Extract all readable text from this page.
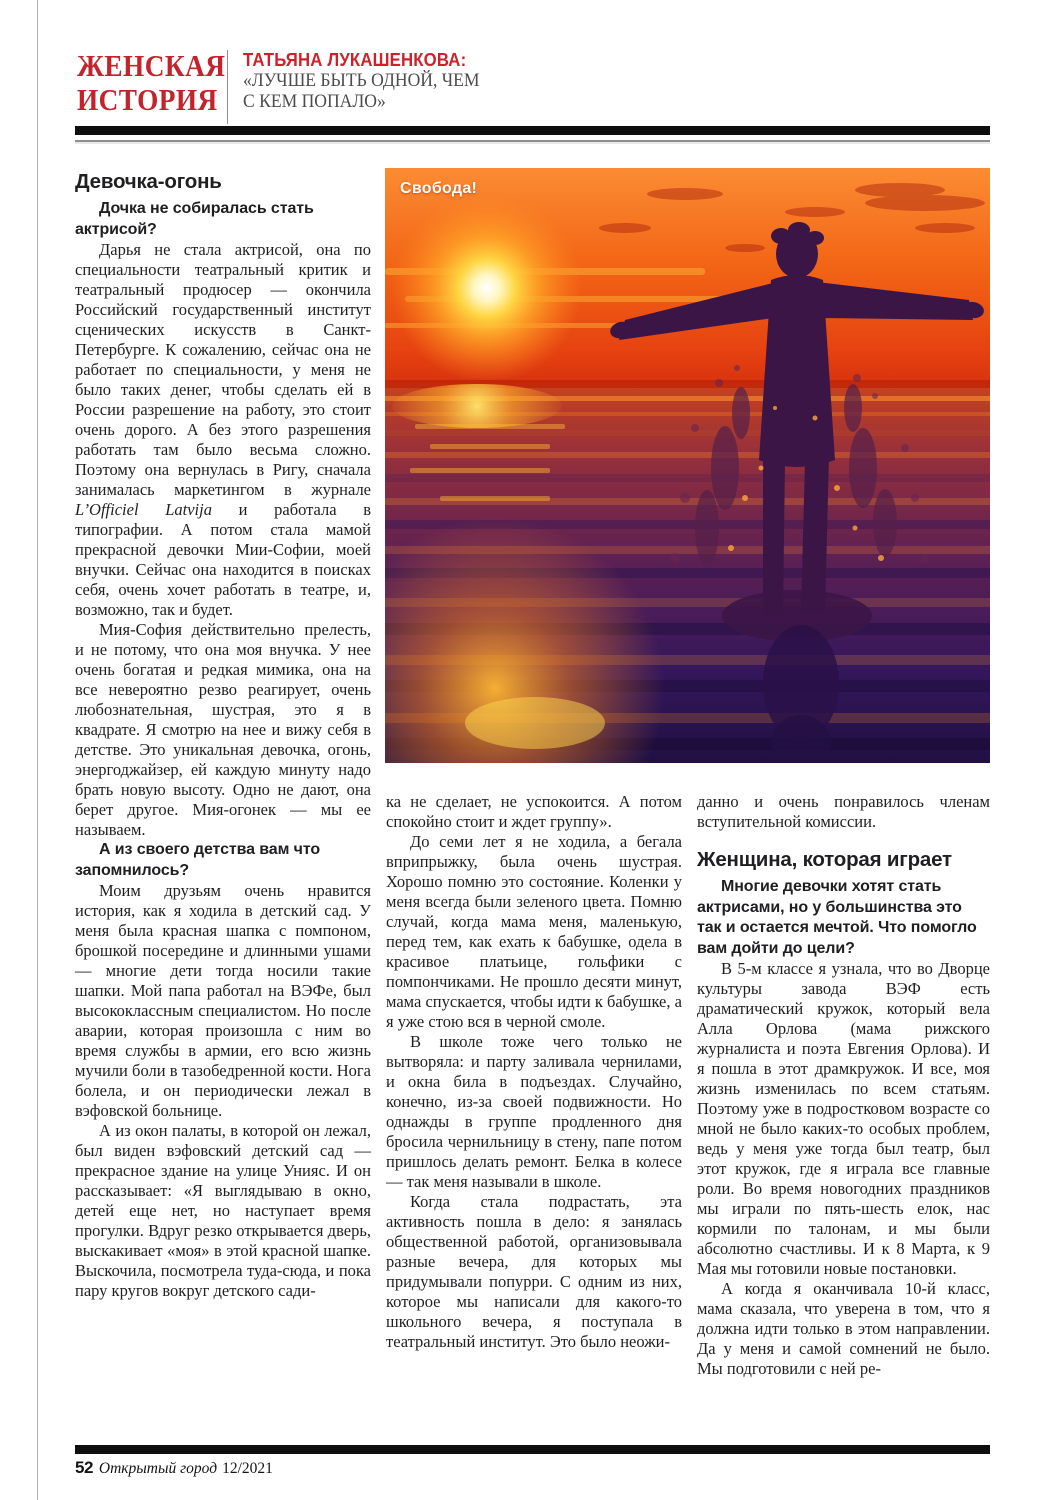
ЖЕНСКАЯ
ИСТОРИЯ
ТАТЬЯНА ЛУКАШЕНКОВА:
«ЛУЧШЕ БЫТЬ ОДНОЙ, ЧЕМ
С КЕМ ПОПАЛО»
Свобода!
Девочка-огонь

Дочка не собиралась стать актрисой?

Дарья не стала актрисой, она по специальности театральный критик и театральный продюсер — окончила Российский государственный институт сценических искусств в Санкт-Петербурге. К сожалению, сейчас она не работает по специальности, у меня не было таких денег, чтобы сделать ей в России разрешение на работу, это стоит очень дорого. А без этого разрешения работать там было весьма сложно. Поэтому она вернулась в Ригу, сначала занималась маркетингом в журнале L’Officiel Latvija и работала в типографии. А потом стала мамой прекрасной девочки Мии-Софии, моей внучки. Сейчас она находится в поисках себя, очень хочет работать в театре, и, возможно, так и будет.

Мия-София действительно прелесть, и не потому, что она моя внучка. У нее очень богатая и редкая мимика, она на все невероятно резво реагирует, очень любознательная, шустрая, это я в квадрате. Я смотрю на нее и вижу себя в детстве. Это уникальная девочка, огонь, энергоджайзер, ей каждую минуту надо брать новую высоту. Одно не дают, она берет другое. Мия-огонек — мы ее называем.

А из своего детства вам что запомнилось?

Моим друзьям очень нравится история, как я ходила в детский сад. У меня была красная шапка с помпоном, брошкой посередине и длинными ушами — многие дети тогда носили такие шапки. Мой папа работал на ВЭФе, был высококлассным специалистом. Но после аварии, которая произошла с ним во время службы в армии, его всю жизнь мучили боли в тазобедренной кости. Нога болела, и он периодически лежал в вэфовской больнице.

А из окон палаты, в которой он лежал, был виден вэфовский детский сад — прекрасное здание на улице Унияс. И он рассказывает: «Я выглядываю в окно, детей еще нет, но наступает время прогулки. Вдруг резко открывается дверь, выскакивает «моя» в этой красной шапке. Выскочила, посмотрела туда-сюда, и пока пару кругов вокруг детского сади-

ка не сделает, не успокоится. А потом спокойно стоит и ждет группу».

До семи лет я не ходила, а бегала вприпрыжку, была очень шустрая. Хорошо помню это состояние. Коленки у меня всегда были зеленого цвета. Помню случай, когда мама меня, маленькую, перед тем, как ехать к бабушке, одела в красивое платьице, гольфики с помпончиками. Не прошло десяти минут, мама спускается, чтобы идти к бабушке, а я уже стою вся в черной смоле.

В школе тоже чего только не вытворяла: и парту заливала чернилами, и окна била в подъездах. Случайно, конечно, из-за своей подвижности. Но однажды в группе продленного дня бросила чернильницу в стену, папе потом пришлось делать ремонт. Белка в колесе — так меня называли в школе.

Когда стала подрастать, эта активность пошла в дело: я занялась общественной работой, организовывала разные вечера, для которых мы придумывали попурри. С одним из них, которое мы написали для какого-то школьного вечера, я поступала в театральный институт. Это было неожи-

данно и очень понравилось членам вступительной комиссии.

Женщина, которая играет

Многие девочки хотят стать актрисами, но у большинства это так и остается мечтой. Что помогло вам дойти до цели?

В 5-м классе я узнала, что во Дворце культуры завода ВЭФ есть драматический кружок, который вела Алла Орлова (мама рижского журналиста и поэта Евгения Орлова). И я пошла в этот драмкружок. И все, моя жизнь изменилась по всем статьям. Поэтому уже в подростковом возрасте со мной не было каких-то особых проблем, ведь у меня уже тогда был театр, был этот кружок, где я играла все главные роли. Во время новогодних праздников мы играли по пять-шесть елок, нас кормили по талонам, и мы были абсолютно счастливы. И к 8 Марта, к 9 Мая мы готовили новые постановки.

А когда я оканчивала 10-й класс, мама сказала, что уверена в том, что я должна идти только в этом направлении. Да у меня и самой сомнений не было. Мы подготовили с ней ре-

52 Открытый город 12/2021
